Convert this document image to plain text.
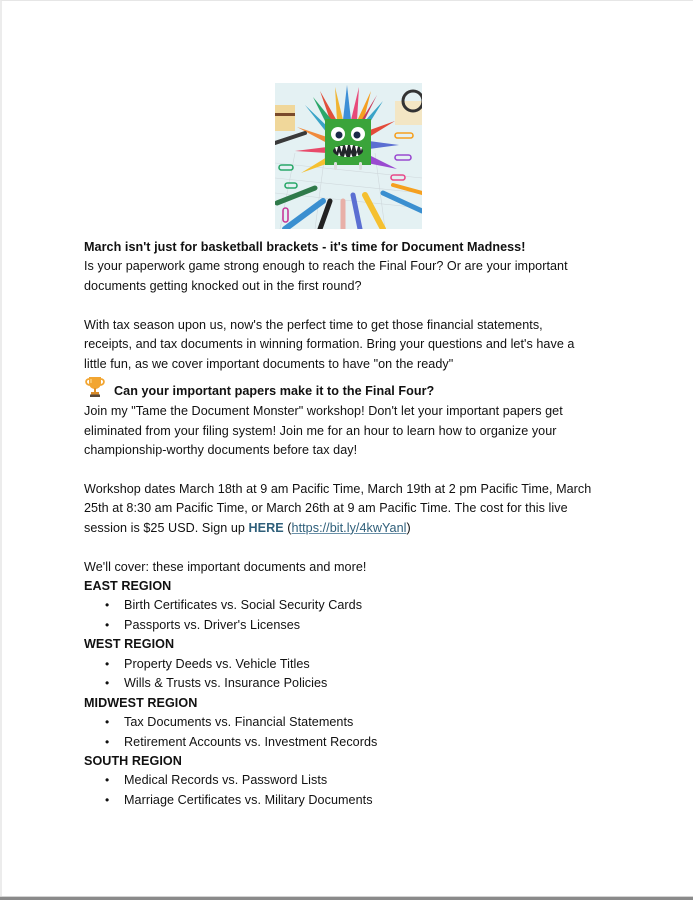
March isn't just for basketball brackets - it's time for Document Madness!
Is your paperwork game strong enough to reach the Final Four? Or are your important
documents getting knocked out in the first round?
With tax season upon us, now's the perfect time to get those financial statements,
receipts, and tax documents in winning formation. Bring your questions and let's have a
little fun, as we cover important documents to have "on the ready"
Can your important papers make it to the Final Four?
Join my "Tame the Document Monster" workshop! Don't let your important papers get
eliminated from your filing system! Join me for an hour to learn how to organize your
championship-worthy documents before tax day!
Workshop dates March 18th at 9 am Pacific Time, March 19th at 2 pm Pacific Time, March
25th at 8:30 am Pacific Time, or March 26th at 9 am Pacific Time. The cost for this live
session is $25 USD. Sign up HERE (https://bit.ly/4kwYanl)
We'll cover: these important documents and more!
EAST REGION
• Birth Certificates vs. Social Security Cards
• Passports vs. Driver's Licenses
WEST REGION
• Property Deeds vs. Vehicle Titles
• Wills & Trusts vs. Insurance Policies
MIDWEST REGION
• Tax Documents vs. Financial Statements
• Retirement Accounts vs. Investment Records
SOUTH REGION
• Medical Records vs. Password Lists
• Marriage Certificates vs. Military Documents
